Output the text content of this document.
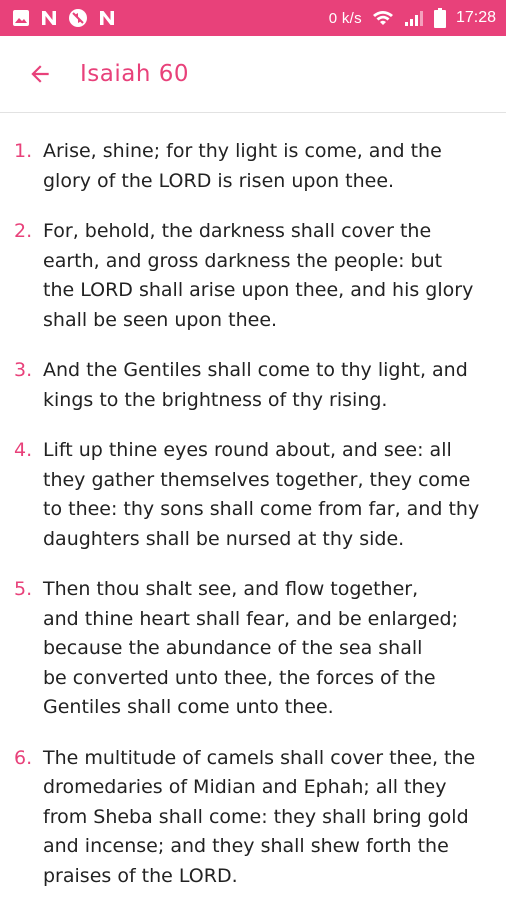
0 k/s	17:28
Isaiah 60
1. Arise, shine; for thy light is come, and the
glory of the LORD is risen upon thee.
2. For, behold, the darkness shall cover the
earth, and gross darkness the people: but
the LORD shall arise upon thee, and his glory
shall be seen upon thee.
3. And the Gentiles shall come to thy light, and
kings to the brightness of thy rising.
4. Lift up thine eyes round about, and see: all
they gather themselves together, they come
to thee: thy sons shall come from far, and thy
daughters shall be nursed at thy side.
5. Then thou shalt see, and flow together,
and thine heart shall fear, and be enlarged;
because the abundance of the sea shall
be converted unto thee, the forces of the
Gentiles shall come unto thee.
6. The multitude of camels shall cover thee, the
dromedaries of Midian and Ephah; all they
from Sheba shall come: they shall bring gold
and incense; and they shall shew forth the
praises of the LORD.
